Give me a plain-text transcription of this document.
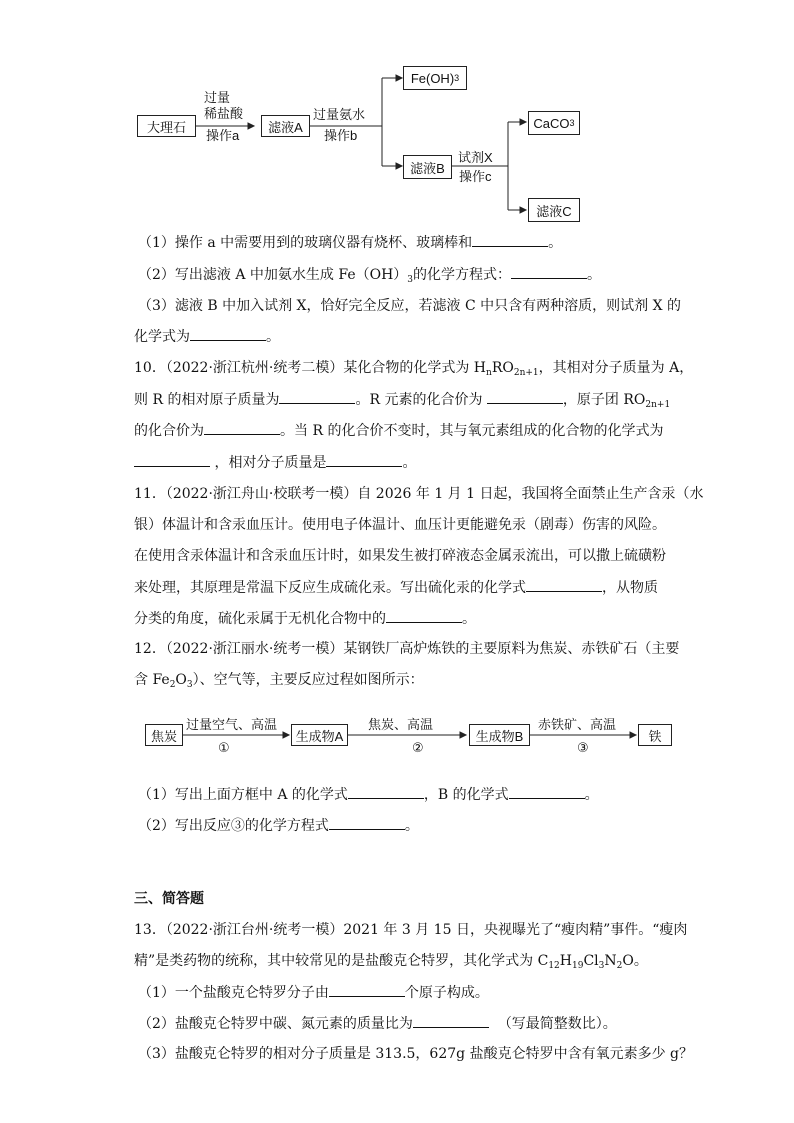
大理石	滤液A
Fe(OH) 3
滤液B
CaCO 3
滤液C
过量
稀盐酸
操作a
过量氨水
操作b
试剂X
操作c
（1）操作 a 中需要用到的玻璃仪器有烧杯、玻璃棒和	。
（2）写出滤液 A 中加氨水生成 $Fe(OH)_3$的化学方程式：	。
（3）滤液 B 中加入试剂 X，恰好完全反应，若滤液 C 中只含有两种溶质，则试剂 X 的
化学式为	。
10．（2022·浙江杭州·统考二模）某化合物的化学式为 $H_nRO_{2n+1}$，其相对分子质量为 A，
则 R 的相对原子质量为	。R 元素的化合价为	，原子团 $RO_{2n+1}$
的化合价为	。当 R 的化合价不变时，其与氧元素组成的化合物的化学式为
，相对分子质量是	。
11．（2022·浙江舟山·校联考一模）自 2026 年 1 月 1 日起，我国将全面禁止生产含汞（水
银）体温计和含汞血压计。使用电子体温计、血压计更能避免汞（剧毒）伤害的风险。
在使用含汞体温计和含汞血压计时，如果发生被打碎液态金属汞流出，可以撒上硫磺粉
来处理，其原理是常温下反应生成硫化汞。写出硫化汞的化学式	，从物质
分类的角度，硫化汞属于无机化合物中的	。
12．（2022·浙江丽水·统考一模）某钢铁厂高炉炼铁的主要原料为焦炭、赤铁矿石（主要
含 $Fe_2O_3$）、空气等，主要反应过程如图所示：
焦炭	生成物A	生成物B	铁
过量空气、高温
①
焦炭、高温
②
赤铁矿、高温
③
（1）写出上面方框中 A 的化学式	，B 的化学式	。
（2）写出反应③的化学方程式	。
三、简答题
13．（2022·浙江台州·统考一模）2021 年 3 月 15 日，央视曝光了“瘦肉精”事件。“瘦肉
精”是类药物的统称，其中较常见的是盐酸克仑特罗，其化学式为 $C_{12}H_{19}Cl_3N_2O$。
（1）一个盐酸克仑特罗分子由	个原子构成。
（2）盐酸克仑特罗中碳、氮元素的质量比为	（写最简整数比）。
（3）盐酸克仑特罗的相对分子质量是 313.5，627g 盐酸克仑特罗中含有氧元素多少 g？
